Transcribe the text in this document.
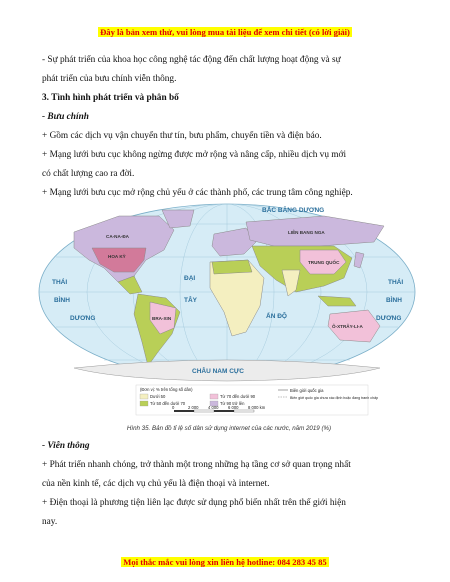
Đây là bản xem thử, vui lòng mua tài liệu để xem chi tiết (có lời giải)
- Sự phát triển của khoa học công nghệ tác động đến chất lượng hoạt động và sự
phát triển của bưu chính viễn thông.
3. Tình hình phát triển và phân bố
- Bưu chính
+ Gồm các dịch vụ vận chuyển thư tín, bưu phẩm, chuyển tiền và điện báo.
+ Mạng lưới bưu cục không ngừng được mở rộng và nâng cấp, nhiều dịch vụ mới
có chất lượng cao ra đời.
+ Mạng lưới bưu cục mở rộng chủ yếu ở các thành phố, các trung tâm công nghiệp.
BẮC BĂNG DƯƠNG
THÁI
BÌNH
DƯƠNG
ĐẠI
TÂY
ẤN ĐỘ
THÁI
BÌNH
DƯƠNG
CHÂU NAM CỰC
CA-NA-ĐA
HOA KỲ
BRA-XIN
LIÊN BANG NGA
TRUNG QUỐC
Ô-XTRÂY-LI-A
(Đơn vị: % trên tổng số dân)
Dưới 50
Từ 50 đến dưới 70
Từ 70 đến dưới 90
Từ 90 trở lên
Biên giới quốc gia
Biên giới quốc gia chưa xác định hoặc đang tranh chấp
0	2 000 4 000 6 000 8 000 km
Hình 35. Bản đồ tỉ lệ số dân sử dụng internet của các nước, năm 2019 (%)
- Viễn thông
+ Phát triển nhanh chóng, trở thành một trong những hạ tầng cơ sở quan trọng nhất
của nền kinh tế, các dịch vụ chủ yếu là điện thoại và internet.
+ Điện thoại là phương tiện liên lạc được sử dụng phổ biến nhất trên thế giới hiện
nay.
Mọi thắc mắc vui lòng xin liên hệ hotline: 084 283 45 85
